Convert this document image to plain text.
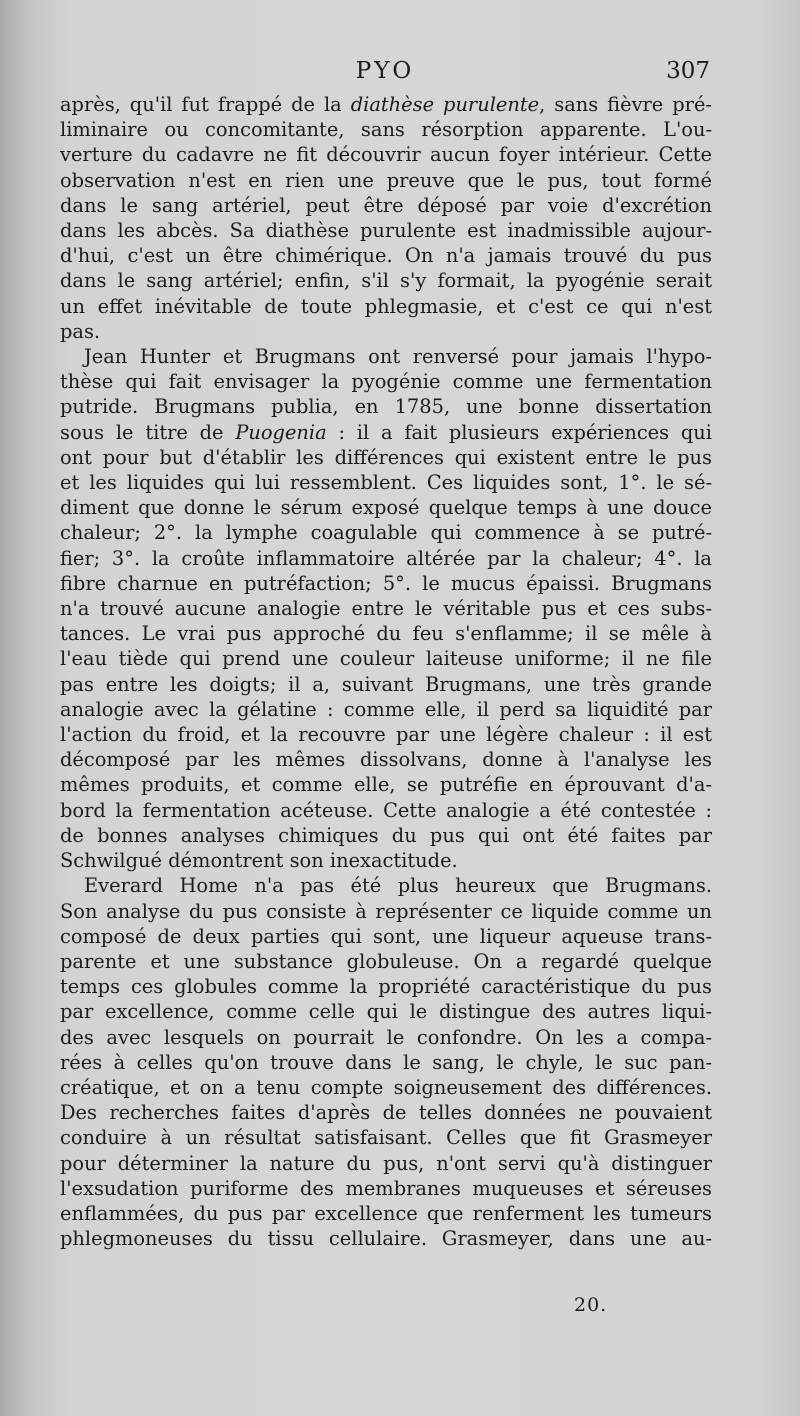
PYO	307
après, qu'il fut frappé de la diathèse purulente, sans fièvre pré-
liminaire ou concomitante, sans résorption apparente. L'ou-
verture du cadavre ne fit découvrir aucun foyer intérieur. Cette
observation n'est en rien une preuve que le pus, tout formé
dans le sang artériel, peut être déposé par voie d'excrétion
dans les abcès. Sa diathèse purulente est inadmissible aujour-
d'hui, c'est un être chimérique. On n'a jamais trouvé du pus
dans le sang artériel; enfin, s'il s'y formait, la pyogénie serait
un effet inévitable de toute phlegmasie, et c'est ce qui n'est
pas.
Jean Hunter et Brugmans ont renversé pour jamais l'hypo-
thèse qui fait envisager la pyogénie comme une fermentation
putride. Brugmans publia, en 1785, une bonne dissertation
sous le titre de Puogenia : il a fait plusieurs expériences qui
ont pour but d'établir les différences qui existent entre le pus
et les liquides qui lui ressemblent. Ces liquides sont, 1°. le sé-
diment que donne le sérum exposé quelque temps à une douce
chaleur; 2°. la lymphe coagulable qui commence à se putré-
fier; 3°. la croûte inflammatoire altérée par la chaleur; 4°. la
fibre charnue en putréfaction; 5°. le mucus épaissi. Brugmans
n'a trouvé aucune analogie entre le véritable pus et ces subs-
tances. Le vrai pus approché du feu s'enflamme; il se mêle à
l'eau tiède qui prend une couleur laiteuse uniforme; il ne file
pas entre les doigts; il a, suivant Brugmans, une très grande
analogie avec la gélatine : comme elle, il perd sa liquidité par
l'action du froid, et la recouvre par une légère chaleur : il est
décomposé par les mêmes dissolvans, donne à l'analyse les
mêmes produits, et comme elle, se putréfie en éprouvant d'a-
bord la fermentation acéteuse. Cette analogie a été contestée :
de bonnes analyses chimiques du pus qui ont été faites par
Schwilgué démontrent son inexactitude.
Everard Home n'a pas été plus heureux que Brugmans.
Son analyse du pus consiste à représenter ce liquide comme un
composé de deux parties qui sont, une liqueur aqueuse trans-
parente et une substance globuleuse. On a regardé quelque
temps ces globules comme la propriété caractéristique du pus
par excellence, comme celle qui le distingue des autres liqui-
des avec lesquels on pourrait le confondre. On les a compa-
rées à celles qu'on trouve dans le sang, le chyle, le suc pan-
créatique, et on a tenu compte soigneusement des différences.
Des recherches faites d'après de telles données ne pouvaient
conduire à un résultat satisfaisant. Celles que fit Grasmeyer
pour déterminer la nature du pus, n'ont servi qu'à distinguer
l'exsudation puriforme des membranes muqueuses et séreuses
enflammées, du pus par excellence que renferment les tumeurs
phlegmoneuses du tissu cellulaire. Grasmeyer, dans une au-
20.
